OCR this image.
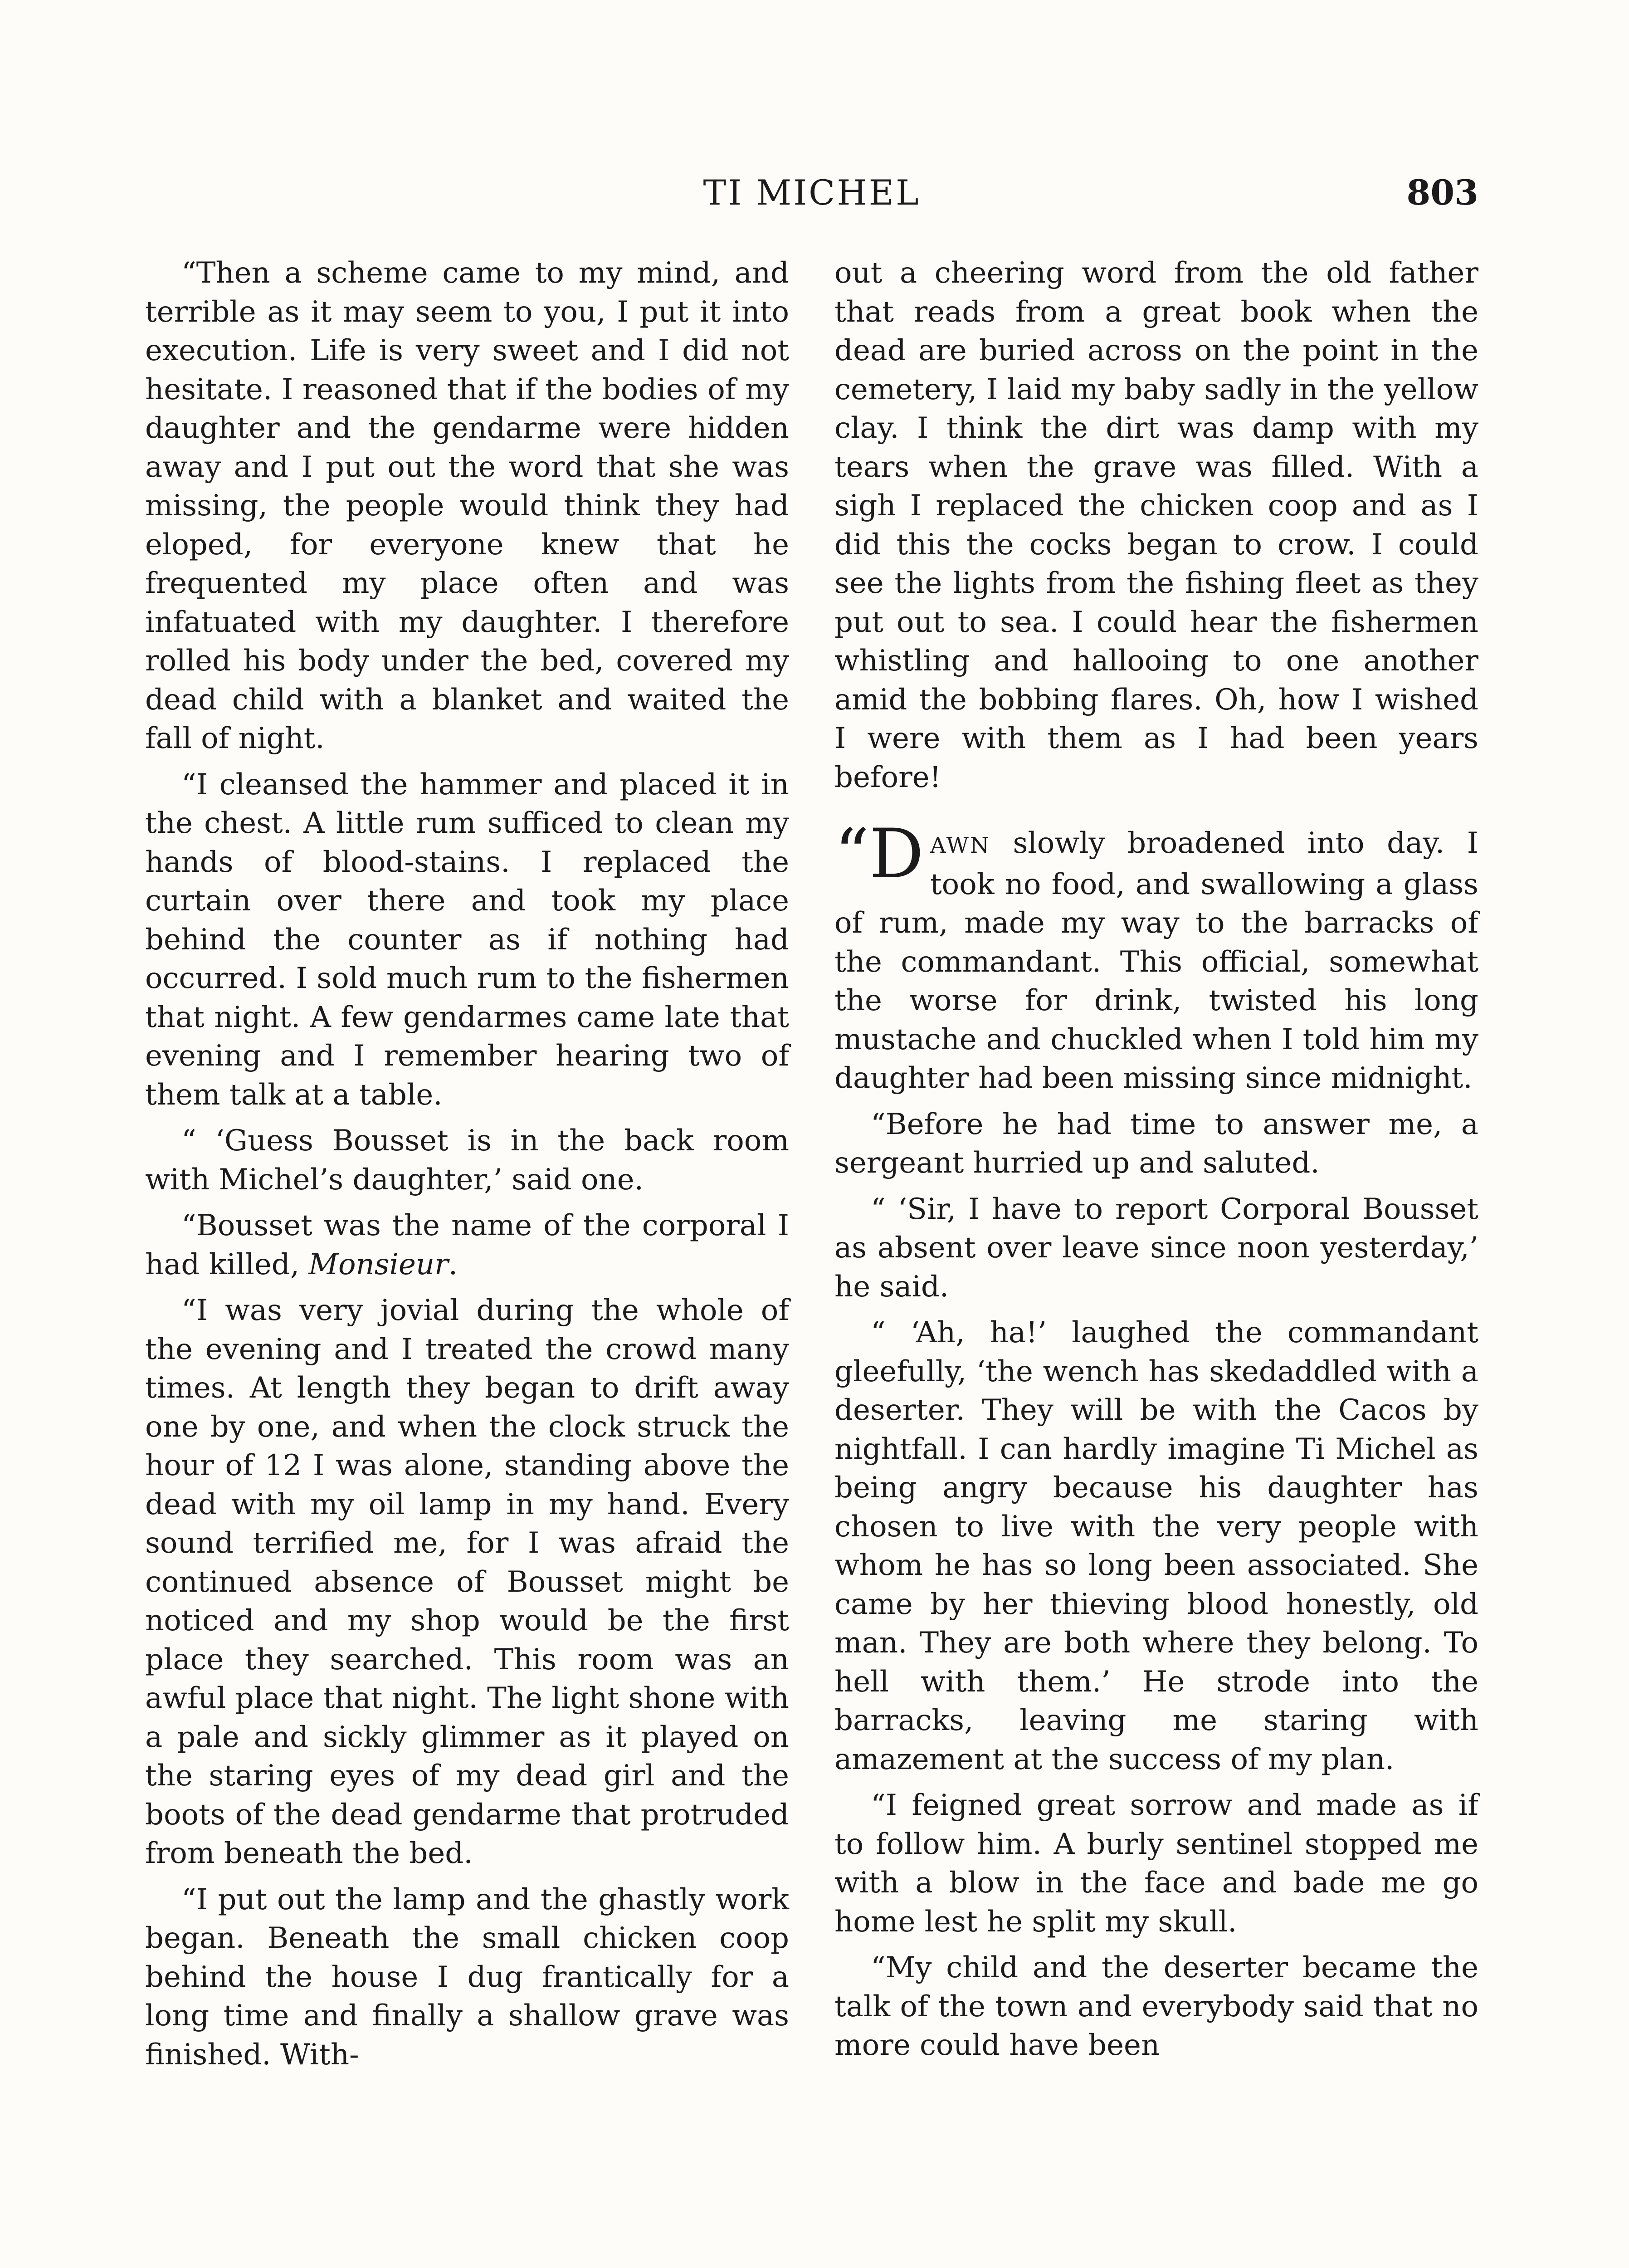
TI MICHEL	803

“Then a scheme came to my mind, and terrible as it may seem to you, I put it into execution. Life is very sweet and I did not hesitate. I reasoned that if the bodies of my daughter and the gendarme were hidden away and I put out the word that she was missing, the people would think they had eloped, for everyone knew that he frequented my place often and was infatuated with my daughter. I therefore rolled his body under the bed, covered my dead child with a blanket and waited the fall of night.

“I cleansed the hammer and placed it in the chest. A little rum sufficed to clean my hands of blood-stains. I replaced the curtain over there and took my place behind the counter as if nothing had occurred. I sold much rum to the fishermen that night. A few gendarmes came late that evening and I remember hearing two of them talk at a table.

“ ‘Guess Bousset is in the back room with Michel’s daughter,’ said one.

“Bousset was the name of the corporal I had killed, Monsieur.

“I was very jovial during the whole of the evening and I treated the crowd many times. At length they began to drift away one by one, and when the clock struck the hour of 12 I was alone, standing above the dead with my oil lamp in my hand. Every sound terrified me, for I was afraid the continued absence of Bousset might be noticed and my shop would be the first place they searched. This room was an awful place that night. The light shone with a pale and sickly glimmer as it played on the staring eyes of my dead girl and the boots of the dead gendarme that protruded from beneath the bed.

“I put out the lamp and the ghastly work began. Beneath the small chicken coop behind the house I dug frantically for a long time and finally a shallow grave was finished. With-

out a cheering word from the old father that reads from a great book when the dead are buried across on the point in the cemetery, I laid my baby sadly in the yellow clay. I think the dirt was damp with my tears when the grave was filled. With a sigh I replaced the chicken coop and as I did this the cocks began to crow. I could see the lights from the fishing fleet as they put out to sea. I could hear the fishermen whistling and hallooing to one another amid the bobbing flares. Oh, how I wished I were with them as I had been years before!

“D AWN slowly broadened into day. I took no food, and swallowing a glass of rum, made my way to the barracks of the commandant. This official, somewhat the worse for drink, twisted his long mustache and chuckled when I told him my daughter had been missing since midnight.

“Before he had time to answer me, a sergeant hurried up and saluted.

“ ‘Sir, I have to report Corporal Bousset as absent over leave since noon yesterday,’ he said.

“ ‘Ah, ha!’ laughed the commandant gleefully, ‘the wench has skedaddled with a deserter. They will be with the Cacos by nightfall. I can hardly imagine Ti Michel as being angry because his daughter has chosen to live with the very people with whom he has so long been associated. She came by her thieving blood honestly, old man. They are both where they belong. To hell with them.’ He strode into the barracks, leaving me staring with amazement at the success of my plan.

“I feigned great sorrow and made as if to follow him. A burly sentinel stopped me with a blow in the face and bade me go home lest he split my skull.

“My child and the deserter became the talk of the town and everybody said that no more could have been
